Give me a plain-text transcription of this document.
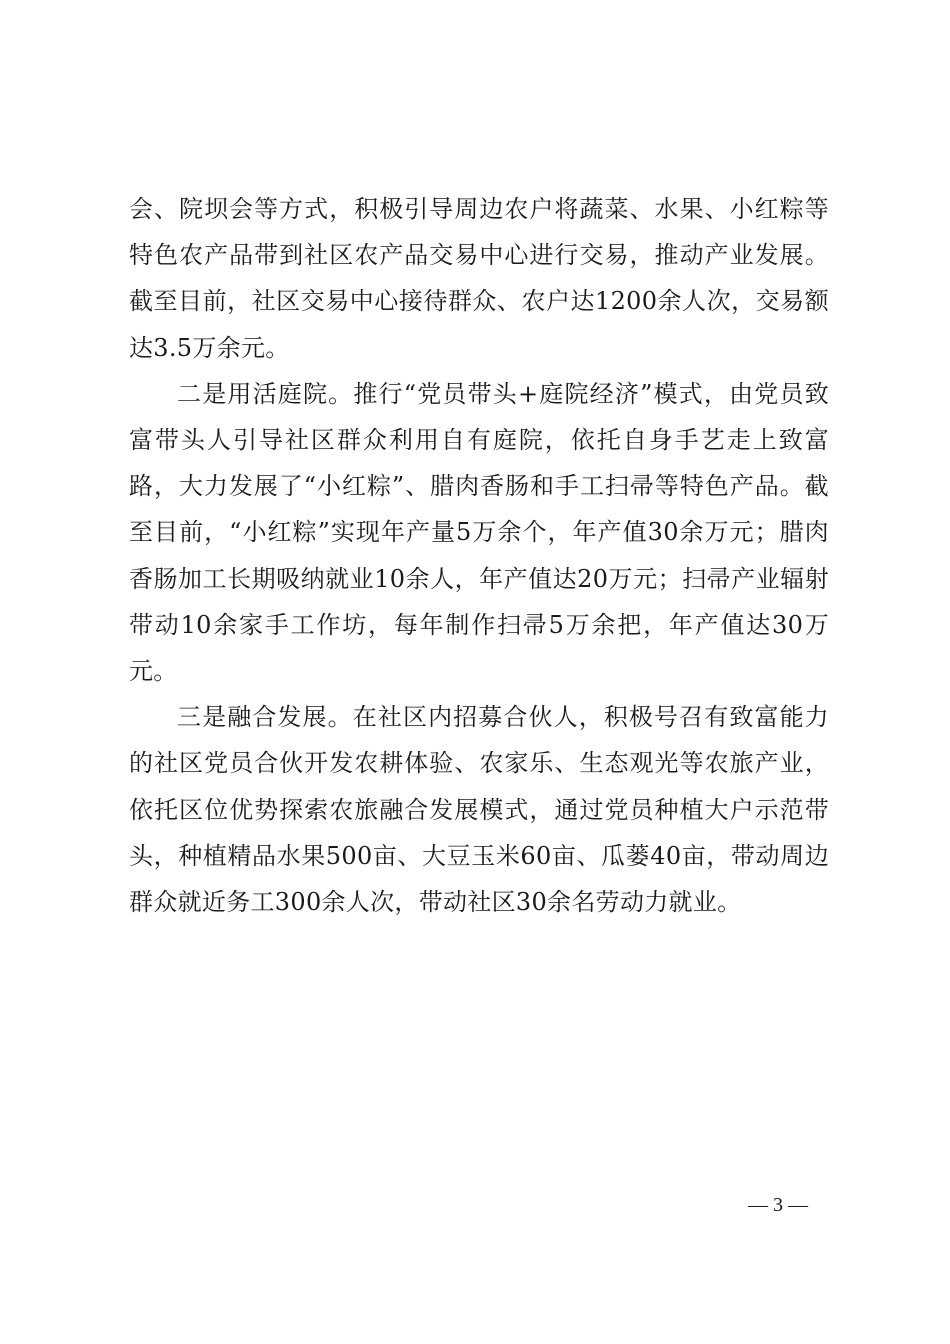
会、院坝会等方式，积极引导周边农户将蔬菜、水果、小红粽等特色农产品带到社区农产品交易中心进行交易，推动产业发展。截至目前，社区交易中心接待群众、农户达1200余人次，交易额达3.5万余元。

二是用活庭院。推行“党员带头+庭院经济”模式，由党员致富带头人引导社区群众利用自有庭院，依托自身手艺走上致富路，大力发展了“小红粽”、腊肉香肠和手工扫帚等特色产品。截至目前，“小红粽”实现年产量5万余个，年产值30余万元；腊肉香肠加工长期吸纳就业10余人，年产值达20万元；扫帚产业辐射带动10余家手工作坊，每年制作扫帚5万余把，年产值达30万元。

三是融合发展。在社区内招募合伙人，积极号召有致富能力的社区党员合伙开发农耕体验、农家乐、生态观光等农旅产业，依托区位优势探索农旅融合发展模式，通过党员种植大户示范带头，种植精品水果500亩、大豆玉米60亩、瓜蒌40亩，带动周边群众就近务工300余人次，带动社区30余名劳动力就业。

— 3 —
